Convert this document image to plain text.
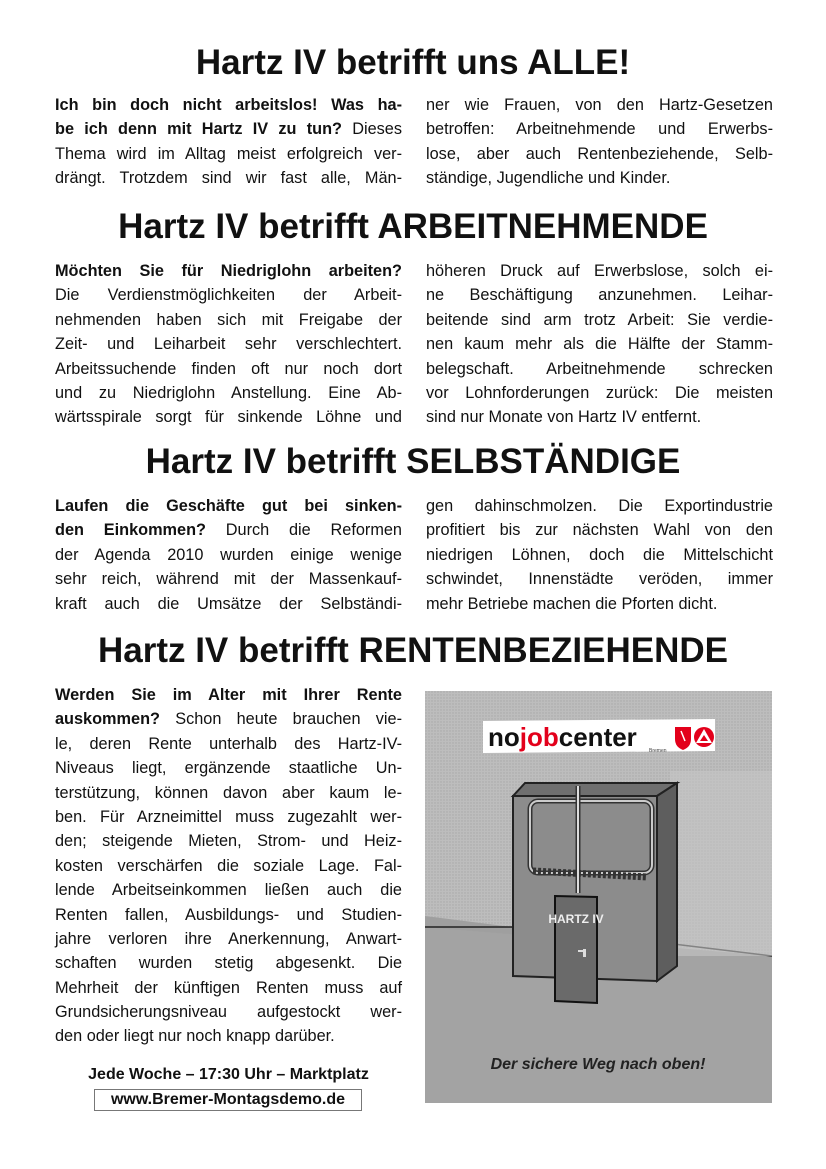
Hartz IV betrifft uns ALLE!
Hartz IV betrifft ARBEITNEHMENDE
Hartz IV betrifft SELBSTÄNDIGE
Hartz IV betrifft RENTENBEZIEHENDE
Ich bin doch nicht arbeitslos! Was ha-
be ich denn mit Hartz IV zu tun? Dieses
Thema wird im Alltag meist erfolgreich ver-
drängt. Trotzdem sind wir fast alle, Män-
ner wie Frauen, von den Hartz-Gesetzen
betroffen: Arbeitnehmende und Erwerbs-
lose, aber auch Rentenbeziehende, Selb-
ständige, Jugendliche und Kinder.
Möchten Sie für Niedriglohn arbeiten?
Die Verdienstmöglichkeiten der Arbeit-
nehmenden haben sich mit Freigabe der
Zeit- und Leiharbeit sehr verschlechtert.
Arbeitssuchende finden oft nur noch dort
und zu Niedriglohn Anstellung. Eine Ab-
wärtsspirale sorgt für sinkende Löhne und
höheren Druck auf Erwerbslose, solch ei-
ne Beschäftigung anzunehmen. Leihar-
beitende sind arm trotz Arbeit: Sie verdie-
nen kaum mehr als die Hälfte der Stamm-
belegschaft. Arbeitnehmende schrecken
vor Lohnforderungen zurück: Die meisten
sind nur Monate von Hartz IV entfernt.
Laufen die Geschäfte gut bei sinken-
den Einkommen? Durch die Reformen
der Agenda 2010 wurden einige wenige
sehr reich, während mit der Massenkauf-
kraft auch die Umsätze der Selbständi-
gen dahinschmolzen. Die Exportindustrie
profitiert bis zur nächsten Wahl von den
niedrigen Löhnen, doch die Mittelschicht
schwindet, Innenstädte veröden, immer
mehr Betriebe machen die Pforten dicht.
Werden Sie im Alter mit Ihrer Rente
auskommen? Schon heute brauchen vie-
le, deren Rente unterhalb des Hartz-IV-
Niveaus liegt, ergänzende staatliche Un-
terstützung, können davon aber kaum le-
ben. Für Arzneimittel muss zugezahlt wer-
den; steigende Mieten, Strom- und Heiz-
kosten verschärfen die soziale Lage. Fal-
lende Arbeitseinkommen ließen auch die
Renten fallen, Ausbildungs- und Studien-
jahre verloren ihre Anerkennung, Anwart-
schaften wurden stetig abgesenkt. Die
Mehrheit der künftigen Renten muss auf
Grundsicherungsniveau aufgestockt wer-
den oder liegt nur noch knapp darüber.
Jede Woche – 17:30 Uhr – Marktplatz
www.Bremer-Montagsdemo.de
HARTZ IV
nojobcenter Bremen
Der sichere Weg nach oben!
